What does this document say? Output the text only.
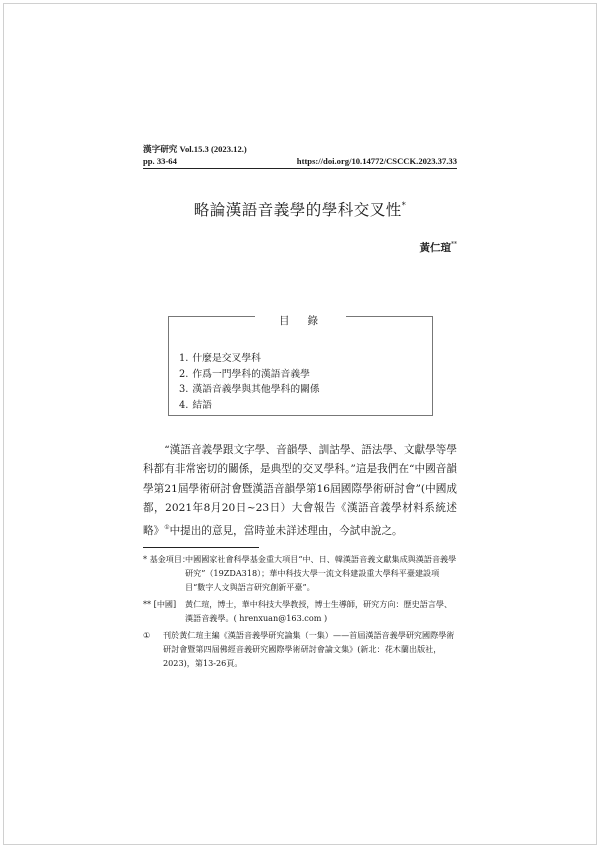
漢字研究 Vol.15.3 (2023.12.)
pp. 33-64	https://doi.org/10.14772/CSCCK.2023.37.33
略論漢語音義學的學科交叉性*
黃仁瑄**
目錄
1. 什麼是交叉學科
2. 作爲一門學科的漢語音義學
3. 漢語音義學與其他學科的關係
4. 結語
“漢語音義學跟文字學、音韻學、訓詁學、語法學、文獻學等學科都有非常密切的關係，是典型的交叉學科。”這是我們在“中國音韻學第21屆學術研討會暨漢語音韻學第16屆國際學術研討會”(中國成都，2021年8月20日~23日）大會報告《漢語音義學材料系統述略》①中提出的意見，當時並未詳述理由，今試申說之。
* 基金項目：
中國國家社會科學基金重大項目“中、日、韓漢語音義文獻集成與漢語音義學研究”（19ZDA318）；華中科技大學一流文科建設重大學科平臺建設項目“數字人文與語言研究創新平臺”。
** [中國] 黃仁瑄，博士，華中科技大學教授，博士生導師，研究方向：歷史語言學、漢語音義學。( hrenxuan@163.com )
①	刊於黃仁瑄主編《漢語音義學研究論集（一集）——首屆漢語音義學研究國際學術研討會暨第四屆佛經音義研究國際學術研討會論文集》(新北：花木蘭出版社，2023)，第13-26頁。
